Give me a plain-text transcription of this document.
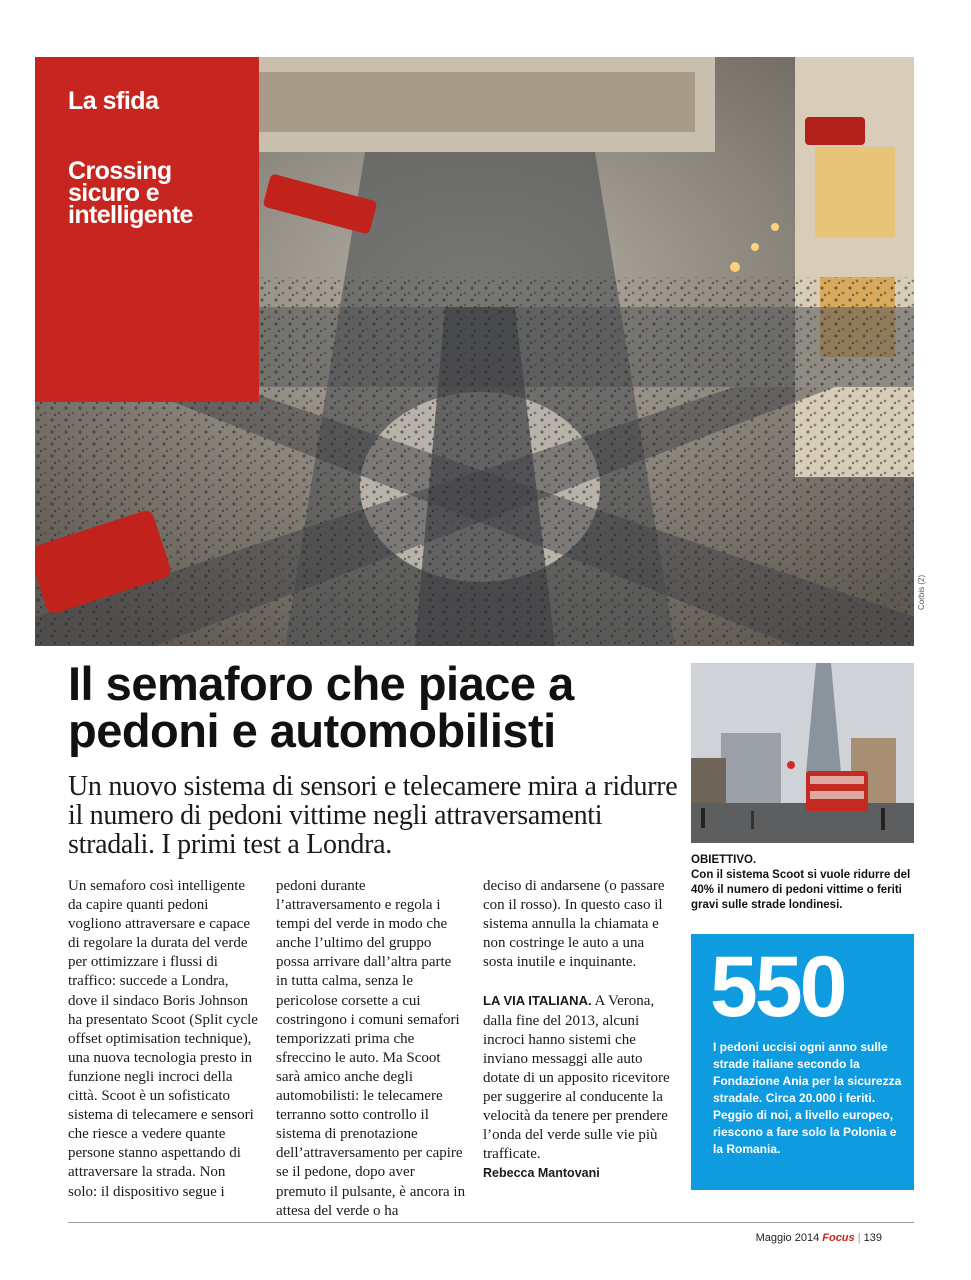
La sfida
Crossing sicuro e intelligente
Corbis (2)
Il semaforo che piace a pedoni e automobilisti

Un nuovo sistema di sensori e telecamere mira a ridurre il numero di pedoni vittime negli attraversamenti stradali. I primi test a Londra.

Un semaforo così intelligente da capire quanti pedoni vogliono attraversare e capace di regolare la durata del verde per ottimizzare i flussi di traffico: succede a Londra, dove il sindaco Boris Johnson ha presentato Scoot (Split cycle offset optimisation technique), una nuova tecnologia presto in funzione negli incroci della città. Scoot è un sofisticato sistema di telecamere e sensori che riesce a vedere quante persone stanno aspettando di attraversare la strada. Non solo: il dispositivo segue i

pedoni durante l’attraversamento e regola i tempi del verde in modo che anche l’ultimo del gruppo possa arrivare dall’altra parte in tutta calma, senza le pericolose corsette a cui costringono i comuni semafori temporizzati prima che sfreccino le auto. Ma Scoot sarà amico anche degli automobilisti: le telecamere terranno sotto controllo il sistema di prenotazione dell’attraversamento per capire se il pedone, dopo aver premuto il pulsante, è ancora in attesa del verde o ha

deciso di andarsene (o passare con il rosso). In questo caso il sistema annulla la chiamata e non costringe le auto a una sosta inutile e inquinante.

LA VIA ITALIANA. A Verona, dalla fine del 2013, alcuni incroci hanno sistemi che inviano messaggi alle auto dotate di un apposito ricevitore per suggerire al conducente la velocità da tenere per prendere l’onda del verde sulle vie più trafficate.

Rebecca Mantovani

OBIETTIVO.
Con il sistema Scoot si vuole ridurre del 40% il numero di pedoni vittime o feriti gravi sulle strade londinesi.
550
I pedoni uccisi ogni anno sulle strade italiane secondo la Fondazione Ania per la sicurezza stradale. Circa 20.000 i feriti. Peggio di noi, a livello europeo, riescono a fare solo la Polonia e la Romania.
Maggio 2014 Focus | 139
